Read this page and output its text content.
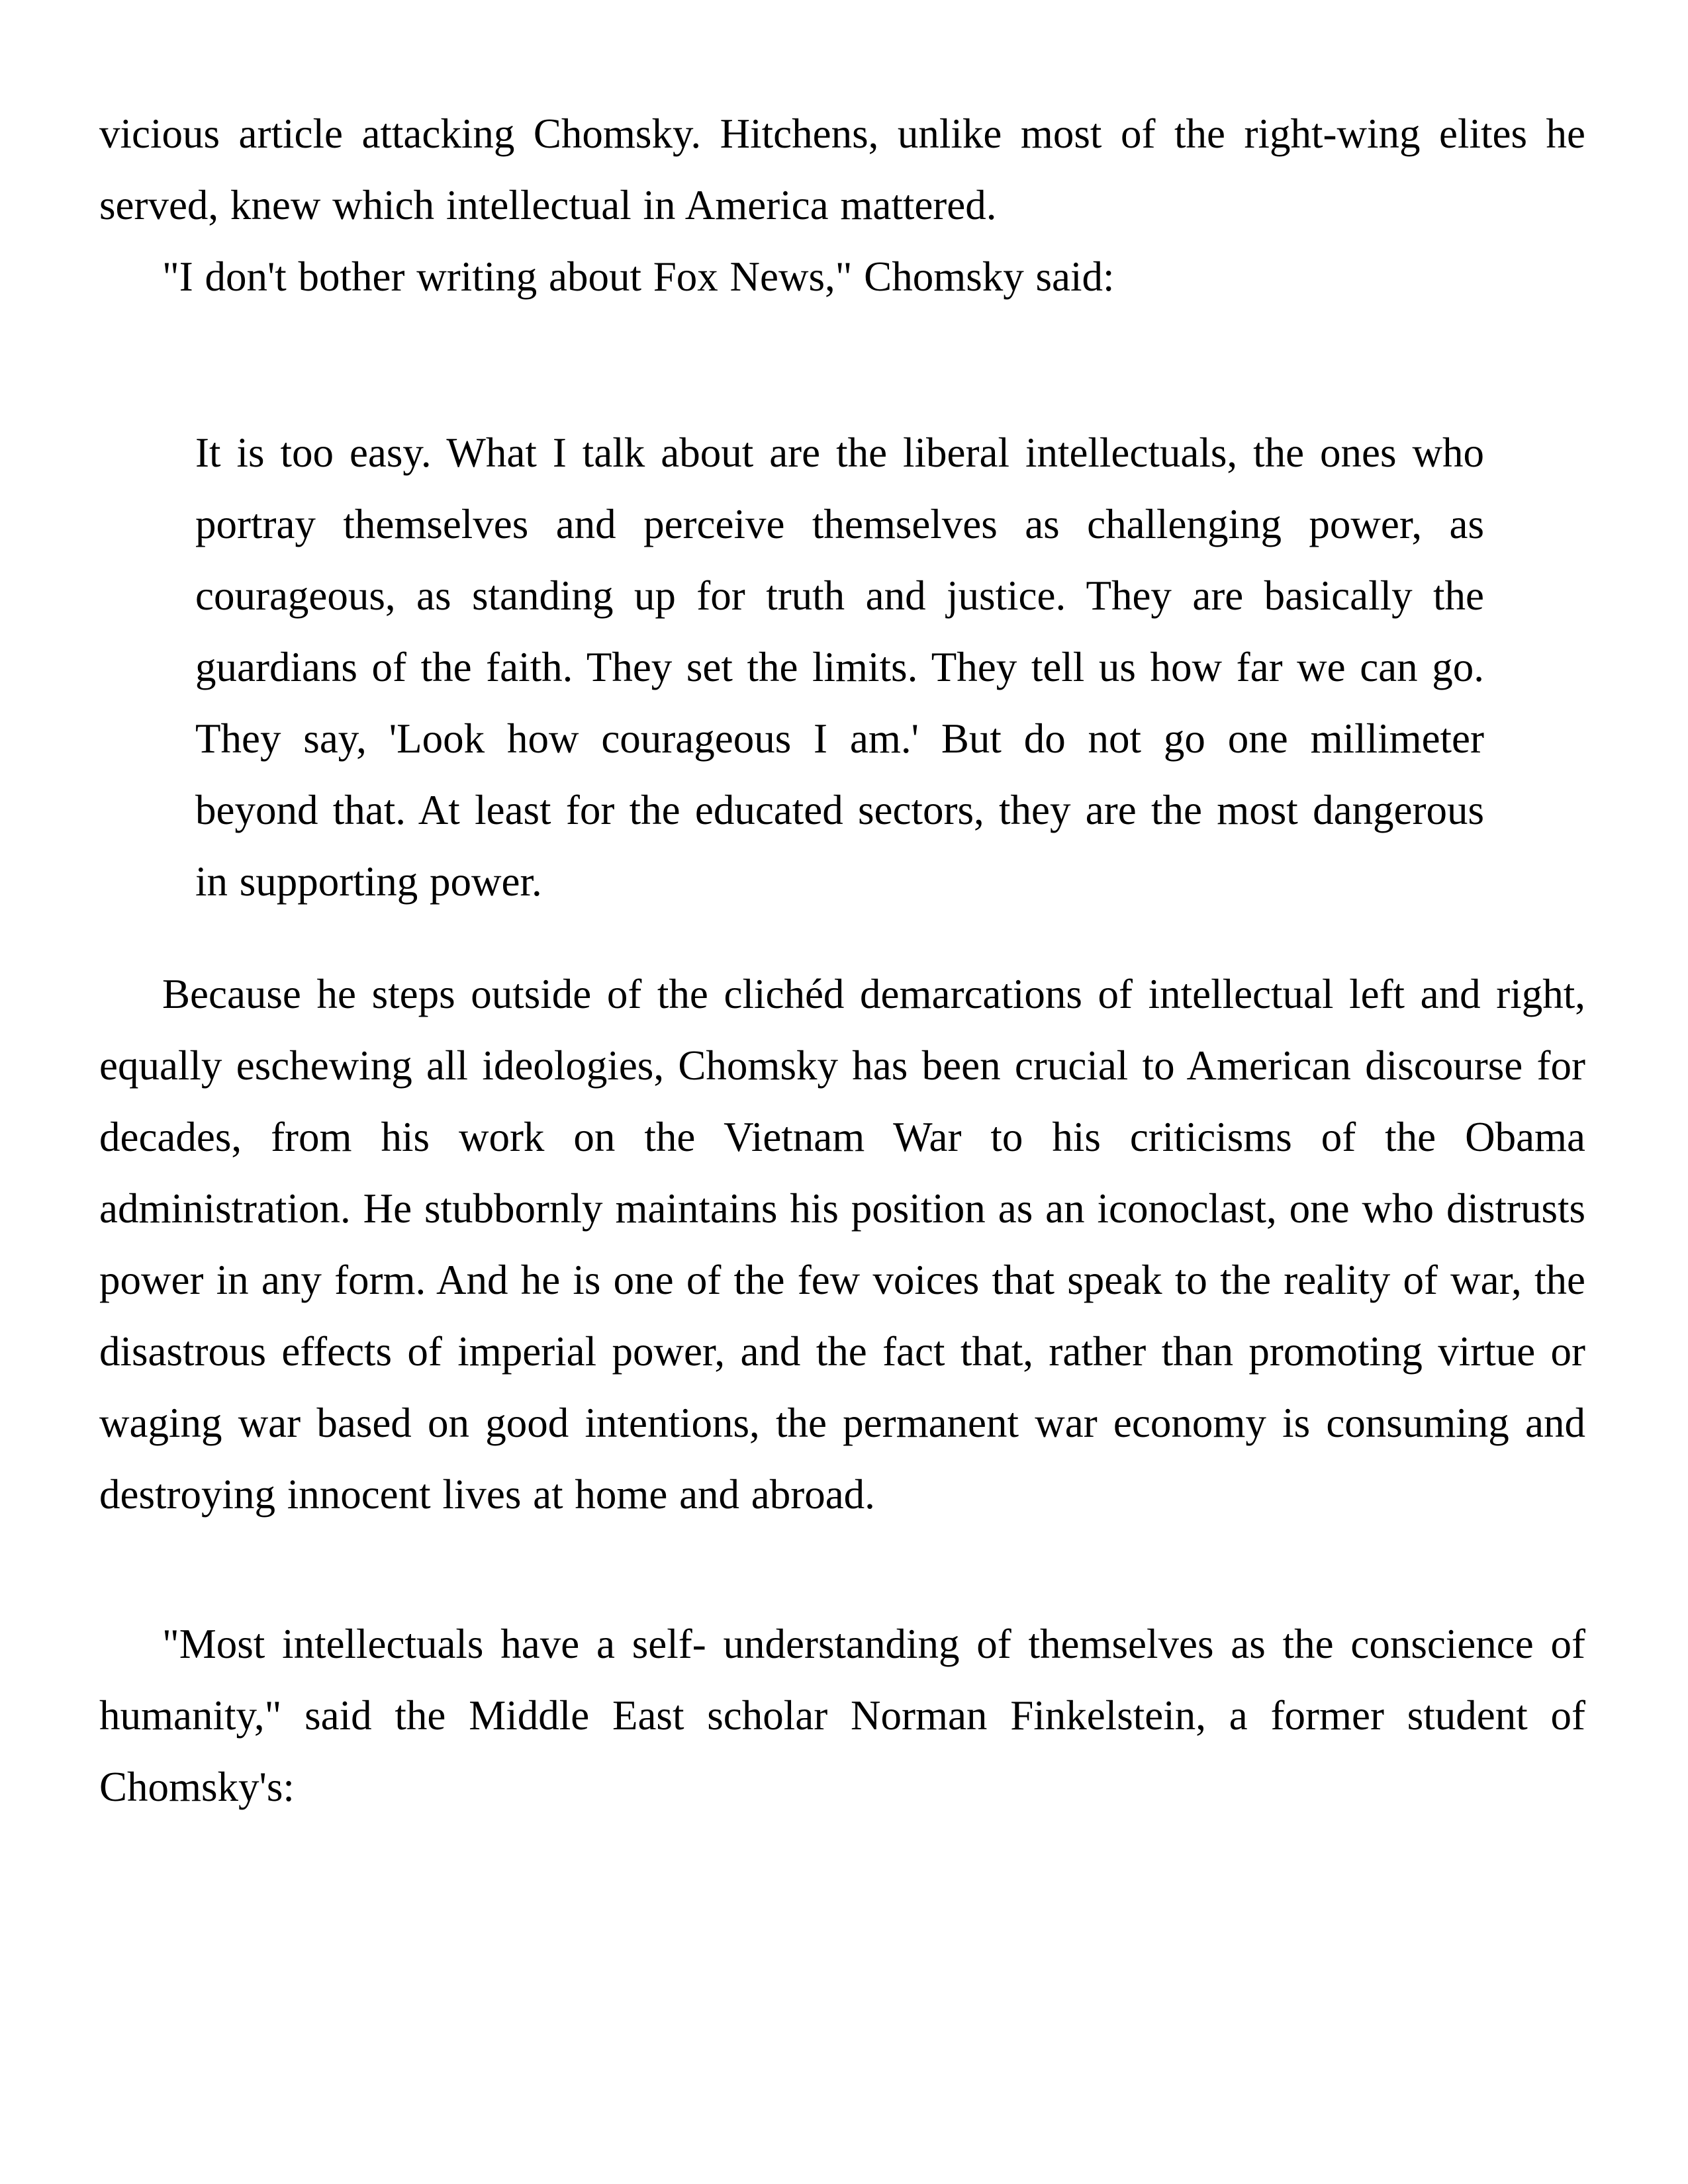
vicious article attacking Chomsky. Hitchens, unlike most of the right-wing elites he served, knew which intellectual in America mattered.

"I don't bother writing about Fox News," Chomsky said:

It is too easy. What I talk about are the liberal intellectuals, the ones who portray themselves and perceive themselves as challenging power, as courageous, as standing up for truth and justice. They are basically the guardians of the faith. They set the limits. They tell us how far we can go. They say, 'Look how courageous I am.' But do not go one millimeter beyond that. At least for the educated sectors, they are the most dangerous in supporting power.

Because he steps outside of the clichéd demarcations of intellectual left and right, equally eschewing all ideologies, Chomsky has been crucial to American discourse for decades, from his work on the Vietnam War to his criticisms of the Obama administration. He stubbornly maintains his position as an iconoclast, one who distrusts power in any form. And he is one of the few voices that speak to the reality of war, the disastrous effects of imperial power, and the fact that, rather than promoting virtue or waging war based on good intentions, the permanent war economy is consuming and destroying innocent lives at home and abroad.

"Most intellectuals have a self- understanding of themselves as the conscience of humanity," said the Middle East scholar Norman Finkelstein, a former student of Chomsky's:
